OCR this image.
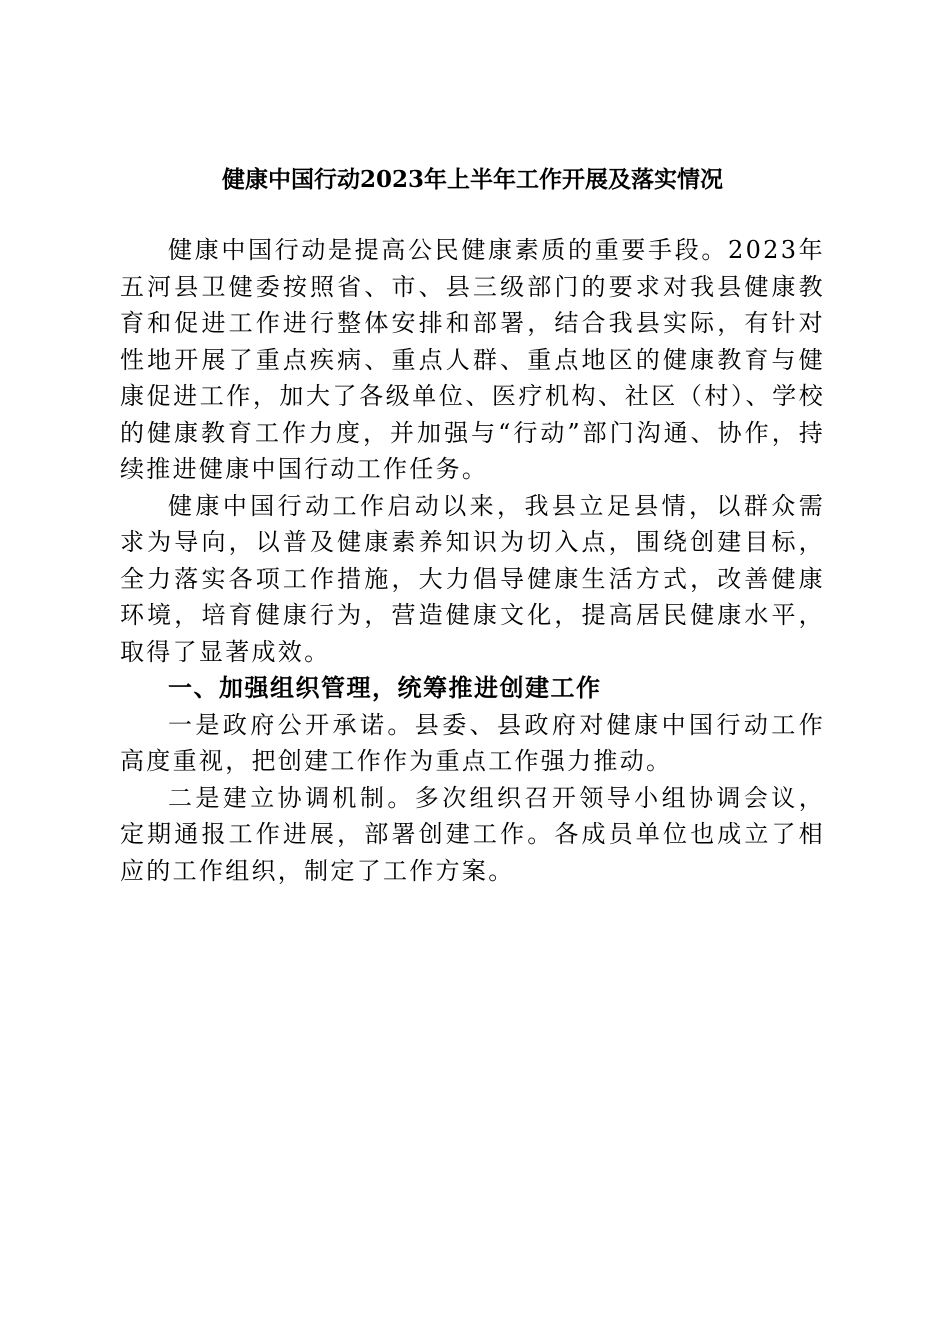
健康中国行动2023年上半年工作开展及落实情况

健康中国行动是提高公民健康素质的重要手段。2023年五河县卫健委按照省、市、县三级部门的要求对我县健康教育和促进工作进行整体安排和部署，结合我县实际，有针对性地开展了重点疾病、重点人群、重点地区的健康教育与健康促进工作，加大了各级单位、医疗机构、社区（村）、学校的健康教育工作力度，并加强与“行动”部门沟通、协作，持续推进健康中国行动工作任务。

健康中国行动工作启动以来，我县立足县情，以群众需求为导向，以普及健康素养知识为切入点，围绕创建目标，全力落实各项工作措施，大力倡导健康生活方式，改善健康环境，培育健康行为，营造健康文化，提高居民健康水平，取得了显著成效。

一、加强组织管理，统筹推进创建工作

一是政府公开承诺。县委、县政府对健康中国行动工作高度重视，把创建工作作为重点工作强力推动。

二是建立协调机制。多次组织召开领导小组协调会议，定期通报工作进展，部署创建工作。各成员单位也成立了相应的工作组织，制定了工作方案。
